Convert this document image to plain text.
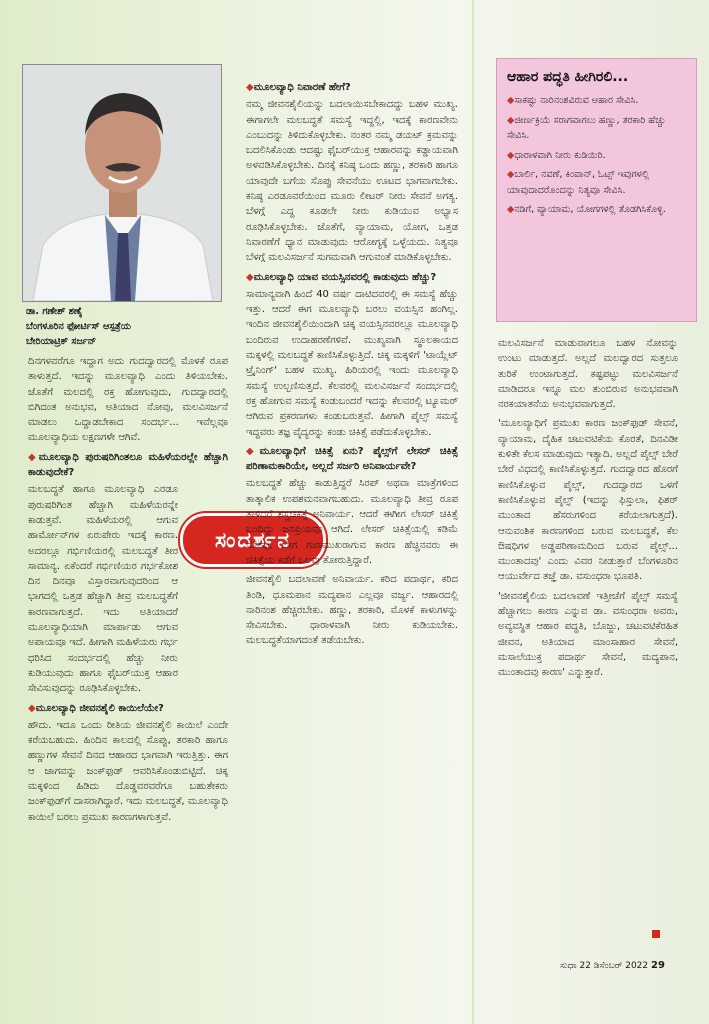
ಡಾ. ಗಣೇಶ್ ಶಣೈ
ಬೆಂಗಳೂರಿನ ಫೋರ್ಟಿಸ್ ಆಸ್ಪತ್ರೆಯ
ಬೇರಿಯಾಟ್ರಿಕ್ ಸರ್ಜನ್

ದಿನಗಳವರೆಗೂ ಇದ್ದಾಗ ಅದು ಗುದದ್ವಾರದಲ್ಲಿ ಮೊಳಕೆ ರೂಪ ತಾಳುತ್ತದೆ. ಇದನ್ನು ಮೂಲವ್ಯಾಧಿ ಎಂದು ತಿಳಿಯಬೇಕು. ಜೊತೆಗೆ ಮಲದಲ್ಲಿ ರಕ್ತ ಹೋಗುವುದು, ಗುದದ್ವಾರದಲ್ಲಿ ಬಿಗಿದಂತ ಅನುಭವ, ಅತಿಯಾದ ನೋವು, ಮಲವಿಸರ್ಜನೆ ಮಾಡಲು ಒದ್ದಾಡಬೇಕಾದ ಸಂದರ್ಭ... ಇವೆಲ್ಲವೂ ಮೂಲವ್ಯಾಧಿಯ ಲಕ್ಷಣಗಳೇ ಆಗಿವೆ.

◆ ಮೂಲವ್ಯಾಧಿ ಪುರುಷರಿಗಿಂತಲೂ ಮಹಿಳೆಯರಲ್ಲೇ ಹೆಚ್ಚಾಗಿ ಕಾಡುವುದೇಕೆ?

ಮಲಬದ್ಧತೆ ಹಾಗೂ ಮೂಲವ್ಯಾಧಿ ಎರಡೂ ಪುರುಷರಿಗಿಂತ ಹೆಚ್ಚಾಗಿ ಮಹಿಳೆಯರನ್ನೇ ಕಾಡುತ್ತವೆ. ಮಹಿಳೆಯರಲ್ಲಿ ಆಗುವ ಹಾರ್ಮೋನ್‌ಗಳ ಏರುಪೇರು ಇದಕ್ಕೆ ಕಾರಣ. ಅದರಲ್ಲೂ ಗರ್ಭಿಣಿಯರಲ್ಲಿ ಮಲಬದ್ಧತೆ ತೀರ ಸಾಮಾನ್ಯ. ಏಕೆಂದರೆ ಗರ್ಭಿಣಿಯರ ಗರ್ಭಕೋಶ ದಿನ ದಿನವೂ ವಿಸ್ತಾರವಾಗುವುದರಿಂದ ಆ ಭಾಗದಲ್ಲಿ ಒತ್ತಡ ಹೆಚ್ಚಾಗಿ ತೀವ್ರ ಮಲಬದ್ಧತೆಗೆ ಕಾರಣವಾಗುತ್ತದೆ. ಇದು ಅತಿಯಾದರೆ ಮೂಲವ್ಯಾಧಿಯಾಗಿ ಮಾರ್ಪಾಡು ಆಗುವ ಅಪಾಯವೂ ಇದೆ. ಹೀಗಾಗಿ ಮಹಿಳೆಯರು ಗರ್ಭ ಧರಿಸಿದ ಸಂದರ್ಭದಲ್ಲಿ ಹೆಚ್ಚು ನೀರು ಕುಡಿಯುವುದು ಹಾಗೂ ಫೈಬರ್‌ಯುಕ್ತ ಆಹಾರ ಸೇವಿಸುವುದನ್ನು ರೂಢಿಸಿಕೊಳ್ಳಬೇಕು.

◆ ಮೂಲವ್ಯಾಧಿ ಜೀವನಶೈಲಿ ಕಾಯಿಲೆಯೇ?

ಹೌದು. ಇದೂ ಒಂದು ರೀತಿಯ ಜೀವನಶೈಲಿ ಕಾಯಿಲೆ ಎಂದೇ ಕರೆಯಬಹುದು. ಹಿಂದಿನ ಕಾಲದಲ್ಲಿ ಸೊಪ್ಪು, ತರಕಾರಿ ಹಾಗೂ ಹಣ್ಣುಗಳ ಸೇವನೆ ದಿನದ ಆಹಾರದ ಭಾಗವಾಗಿ ಇರುತ್ತಿತ್ತು. ಈಗ ಆ ಜಾಗವನ್ನು ಜಂಕ್‌ಫುಡ್ ಆವರಿಸಿಕೊಂಡುಬಿಟ್ಟಿದೆ. ಚಿಕ್ಕ ಮಕ್ಕಳಿಂದ ಹಿಡಿದು ದೊಡ್ಡವರವರೆಗೂ ಬಹುತೇಕರು ಜಂಕ್‌ಫುಡ್‌ಗೆ ದಾಸರಾಗಿದ್ದಾರೆ. ಇದು ಮಲಬದ್ಧತೆ, ಮೂಲವ್ಯಾಧಿ ಕಾಯಿಲೆ ಬರಲು ಪ್ರಮುಖ ಕಾರಣಗಳಾಗುತ್ತವೆ.

ಸಂದರ್ಶನ
◆ ಮೂಲವ್ಯಾಧಿ ನಿವಾರಣೆ ಹೇಗೆ?

ನಮ್ಮ ಜೀವನಶೈಲಿಯನ್ನು ಬದಲಾಯಿಸಬೇಕಾದದ್ದು ಬಹಳ ಮುಖ್ಯ. ಈಗಾಗಲೇ ಮಲಬದ್ಧತೆ ಸಮಸ್ಯೆ ಇದ್ದಲ್ಲಿ, ಇದಕ್ಕೆ ಕಾರಣವೇನು ಎಂಬುದನ್ನು ತಿಳಿದುಕೊಳ್ಳಬೇಕು. ನಂತರ ನಮ್ಮ ಡಯಟ್ ಕ್ರಮವನ್ನು ಬದಲಿಸಿಕೊಂಡು ಆದಷ್ಟು ಫೈಬರ್‌ಯುಕ್ತ ಆಹಾರವನ್ನು ಕಡ್ಡಾಯವಾಗಿ ಅಳವಡಿಸಿಕೊಳ್ಳಬೇಕು. ದಿನಕ್ಕೆ ಕನಿಷ್ಠ ಒಂದು ಹಣ್ಣು, ತರಕಾರಿ ಹಾಗೂ ಯಾವುದೇ ಬಗೆಯ ಸೊಪ್ಪು ಸೇವನೆಯು ಊಟದ ಭಾಗವಾಗಬೇಕು. ಕನಿಷ್ಠ ಎರಡೂವರೆಯಿಂದ ಮೂರು ಲೀಟರ್ ನೀರು ಸೇವನೆ ಅಗತ್ಯ. ಬೆಳಗ್ಗೆ ಎದ್ದ ಕೂಡಲೇ ನೀರು ಕುಡಿಯುವ ಅಭ್ಯಾಸ ರೂಢಿಸಿಕೊಳ್ಳಬೇಕು. ಜೊತೆಗೆ, ವ್ಯಾಯಾಮ, ಯೋಗ, ಒತ್ತಡ ನಿವಾರಣೆಗೆ ಧ್ಯಾನ ಮಾಡುವುದು ಆರೋಗ್ಯಕ್ಕೆ ಒಳ್ಳೆಯದು. ನಿತ್ಯವೂ ಬೆಳಗ್ಗೆ ಮಲವಿಸರ್ಜನೆ ಸುಗಮವಾಗಿ ಆಗುವಂತೆ ಮಾಡಿಕೊಳ್ಳಬೇಕು.

◆ ಮೂಲವ್ಯಾಧಿ ಯಾವ ವಯಸ್ಸಿನವರಲ್ಲಿ ಕಾಡುವುದು ಹೆಚ್ಚು?

ಸಾಮಾನ್ಯವಾಗಿ ಹಿಂದೆ 40 ವರ್ಷ ದಾಟಿದವರಲ್ಲಿ ಈ ಸಮಸ್ಯೆ ಹೆಚ್ಚು ಇತ್ತು. ಆದರೆ ಈಗ ಮೂಲವ್ಯಾಧಿ ಬರಲು ವಯಸ್ಸಿನ ಹಂಗಿಲ್ಲ. ಇಂದಿನ ಜೀವನಶೈಲಿಯಿಂದಾಗಿ ಚಿಕ್ಕ ವಯಸ್ಸಿನವರಲ್ಲೂ ಮೂಲವ್ಯಾಧಿ ಬಂದಿರುವ ಉದಾಹರಣೆಗಳಿವೆ. ಮುಖ್ಯವಾಗಿ ಸ್ಥೂಲಕಾಯದ ಮಕ್ಕಳಲ್ಲಿ ಮಲಬದ್ಧತೆ ಕಾಣಿಸಿಕೊಳ್ಳುತ್ತಿದೆ. ಚಿಕ್ಕ ಮಕ್ಕಳಿಗೆ 'ಟಾಯ್ಲೆಟ್ ಟ್ರೈನಿಂಗ್' ಬಹಳ ಮುಖ್ಯ. ಹಿರಿಯರಲ್ಲಿ ಇಂದು ಮೂಲವ್ಯಾಧಿ ಸಮಸ್ಯೆ ಉಲ್ಬಣಿಸುತ್ತದೆ. ಕೆಲವರಲ್ಲಿ ಮಲವಿಸರ್ಜನೆ ಸಂದರ್ಭದಲ್ಲಿ ರಕ್ತ ಹೋಗುವ ಸಮಸ್ಯೆ ಕಂಡುಬಂದರೆ ಇದನ್ನು ಕೆಲವರಲ್ಲಿ ಟ್ಯೂಮರ್ ಆಗಿರುವ ಪ್ರಕರಣಗಳು ಕಂಡುಬರುತ್ತವೆ. ಹೀಗಾಗಿ ಪೈಲ್ಸ್ ಸಮಸ್ಯೆ ಇದ್ದವರು ತಜ್ಞ ವೈದ್ಯರನ್ನು ಕಂಡು ಚಿಕಿತ್ಸೆ ಪಡೆದುಕೊಳ್ಳಬೇಕು.

◆ ಮೂಲವ್ಯಾಧಿಗೆ ಚಿಕಿತ್ಸೆ ಏನು? ಪೈಲ್ಸ್‌ಗೆ ಲೇಸರ್ ಚಿಕಿತ್ಸೆ ಪರಿಣಾಮಕಾರಿಯೇ, ಅಲ್ಲದೆ ಸರ್ಜರಿ ಅನಿವಾರ್ಯವೇ?

ಮಲಬದ್ಧತೆ ಹೆಚ್ಚು ಕಾಡುತ್ತಿದ್ದರೆ ಸಿರಪ್ ಅಥವಾ ಮಾತ್ರೆಗಳಿಂದ ತಾತ್ಕಾಲಿಕ ಉಪಶಮನವಾಗಬಹುದು. ಮೂಲವ್ಯಾಧಿ ತೀವ್ರ ರೂಪ ತಾಳಿದರೆ ಶಸ್ತ್ರಚಿಕಿತ್ಸೆ ಅನಿವಾರ್ಯ. ಆದರೆ ಈಗೀಗ ಲೇಸರ್ ಚಿಕಿತ್ಸೆ ಬಂದಿದ್ದು ಜನಪ್ರಿಯವೂ ಆಗಿದೆ. ಲೇಸರ್ ಚಿಕಿತ್ಸೆಯಲ್ಲಿ ಕಡಿಮೆ ನೋವು, ಬೇಗ ಗುಣಮುಖರಾಗುವ ಕಾರಣ ಹೆಚ್ಚಿನವರು ಈ ಚಿಕಿತ್ಸೆಯ ಕಡೆಗೆ ಒಲವು ತೋರುತ್ತಿದ್ದಾರೆ.

ಜೀವನಶೈಲಿ ಬದಲಾವಣೆ ಅನಿವಾರ್ಯ. ಕರಿದ ಪದಾರ್ಥ, ಕರಿದ ತಿಂಡಿ, ಧೂಮಪಾನ ಮದ್ಯಪಾನ ಎಲ್ಲವೂ ವರ್ಜ್ಯ. ಆಹಾರದಲ್ಲಿ ನಾರಿನಂಶ ಹೆಚ್ಚಿರಬೇಕು. ಹಣ್ಣು, ತರಕಾರಿ, ಮೊಳಕೆ ಕಾಳುಗಳನ್ನು ಸೇವಿಸಬೇಕು. ಧಾರಾಳವಾಗಿ ನೀರು ಕುಡಿಯಬೇಕು. ಮಲಬದ್ಧತೆಯಾಗದಂತೆ ತಡೆಯಬೇಕು.

ಆಹಾರ ಪದ್ಧತಿ ಹೀಗಿರಲಿ...
◆ ಸಾಕಷ್ಟು ನಾರಿನಂಶವಿರುವ ಆಹಾರ ಸೇವಿಸಿ.
◆ ಜೀರ್ಣಕ್ರಿಯೆ ಸರಾಗವಾಗಲು ಹಣ್ಣು, ತರಕಾರಿ ಹೆಚ್ಚು ಸೇವಿಸಿ.
◆ ಧಾರಾಳವಾಗಿ ನೀರು ಕುಡಿಯಿರಿ.
◆ ಬಾರ್ಲಿ, ನವಣೆ, ಕಿಂವಾನ್, ಓಟ್ಸ್ ಇವುಗಳಲ್ಲಿ ಯಾವುದಾದರೊಂದನ್ನು ನಿತ್ಯವೂ ಸೇವಿಸಿ.
◆ ನಡಿಗೆ, ವ್ಯಾಯಾಮ, ಯೋಗಗಳಲ್ಲಿ ತೊಡಗಿಸಿಕೊಳ್ಳಿ.

ಮಲವಿಸರ್ಜನೆ ಮಾಡುವಾಗಲೂ ಬಹಳ ನೋವನ್ನು ಉಂಟು ಮಾಡುತ್ತದೆ. ಅಲ್ಲದೆ ಮಲದ್ವಾರದ ಸುತ್ತಲೂ ತುರಿಕೆ ಉಂಟಾಗುತ್ತದೆ. ಕಷ್ಟಪಟ್ಟು ಮಲವಿಸರ್ಜನೆ ಮಾಡಿದರೂ ಇನ್ನೂ ಮಲ ತುಂಬಿರುವ ಅನುಭವವಾಗಿ ನರಕಯಾತನೆಯ ಅನುಭವವಾಗುತ್ತದೆ.

'ಮೂಲವ್ಯಾಧಿಗೆ ಪ್ರಮುಖ ಕಾರಣ ಜಂಕ್‌ಫುಡ್ ಸೇವನೆ, ವ್ಯಾಯಾಮ, ದೈಹಿಕ ಚಟುವಟಿಕೆಯ ಕೊರತೆ, ದಿನವಿಡೀ ಕುಳಿತೇ ಕೆಲಸ ಮಾಡುವುದು ಇತ್ಯಾದಿ. ಅಲ್ಲದೆ ಪೈಲ್ಸ್ ಬೇರೆ ಬೇರೆ ವಿಧದಲ್ಲಿ ಕಾಣಿಸಿಕೊಳ್ಳುತ್ತದೆ. ಗುದದ್ವಾರದ ಹೊರಗೆ ಕಾಣಿಸಿಕೊಳ್ಳುವ ಪೈಲ್ಸ್, ಗುದದ್ವಾರದ ಒಳಗೆ ಕಾಣಿಸಿಕೊಳ್ಳುವ ಪೈಲ್ಸ್ (ಇದನ್ನು ಫಿಸ್ತುಲಾ, ಫಿಶರ್ ಮುಂತಾದ ಹೆಸರುಗಳಿಂದ ಕರೆಯಲಾಗುತ್ತದೆ). ಆನುವಂಶಿಕ ಕಾರಣಗಳಿಂದ ಬರುವ ಮಲಬದ್ಧತೆ, ಕೆಲ ಔಷಧಿಗಳ ಅಡ್ಡಪರಿಣಾಮದಿಂದ ಬರುವ ಪೈಲ್ಸ್... ಮುಂತಾದವು' ಎಂದು ವಿವರ ನೀಡುತ್ತಾರೆ ಬೆಂಗಳೂರಿನ ಆಯುರ್ವೇದ ತಜ್ಞೆ ಡಾ. ವಸುಂಧರಾ ಭೂಪತಿ.

'ಜೀವನಶೈಲಿಯ ಬದಲಾವಣೆ ಇತ್ತೀಚೆಗೆ ಪೈಲ್ಸ್ ಸಮಸ್ಯೆ ಹೆಚ್ಚಾಗಲು ಕಾರಣ ಎನ್ನುವ ಡಾ. ವಸುಂಧರಾ ಅವರು, ಅವ್ಯವಸ್ಥಿತ ಆಹಾರ ಪದ್ಧತಿ, ಬೊಜ್ಜು, ಚಟುವಟಿಕೆರಹಿತ ಜೀವನ, ಅತಿಯಾದ ಮಾಂಸಾಹಾರ ಸೇವನೆ, ಮಸಾಲೆಯುಕ್ತ ಪದಾರ್ಥ ಸೇವನೆ, ಮದ್ಯಪಾನ, ಮುಂತಾದವು ಕಾರಣ' ಎನ್ನುತ್ತಾರೆ.

ಸುಧಾ 22 ಡಿಸೆಂಬರ್ 2022 29
